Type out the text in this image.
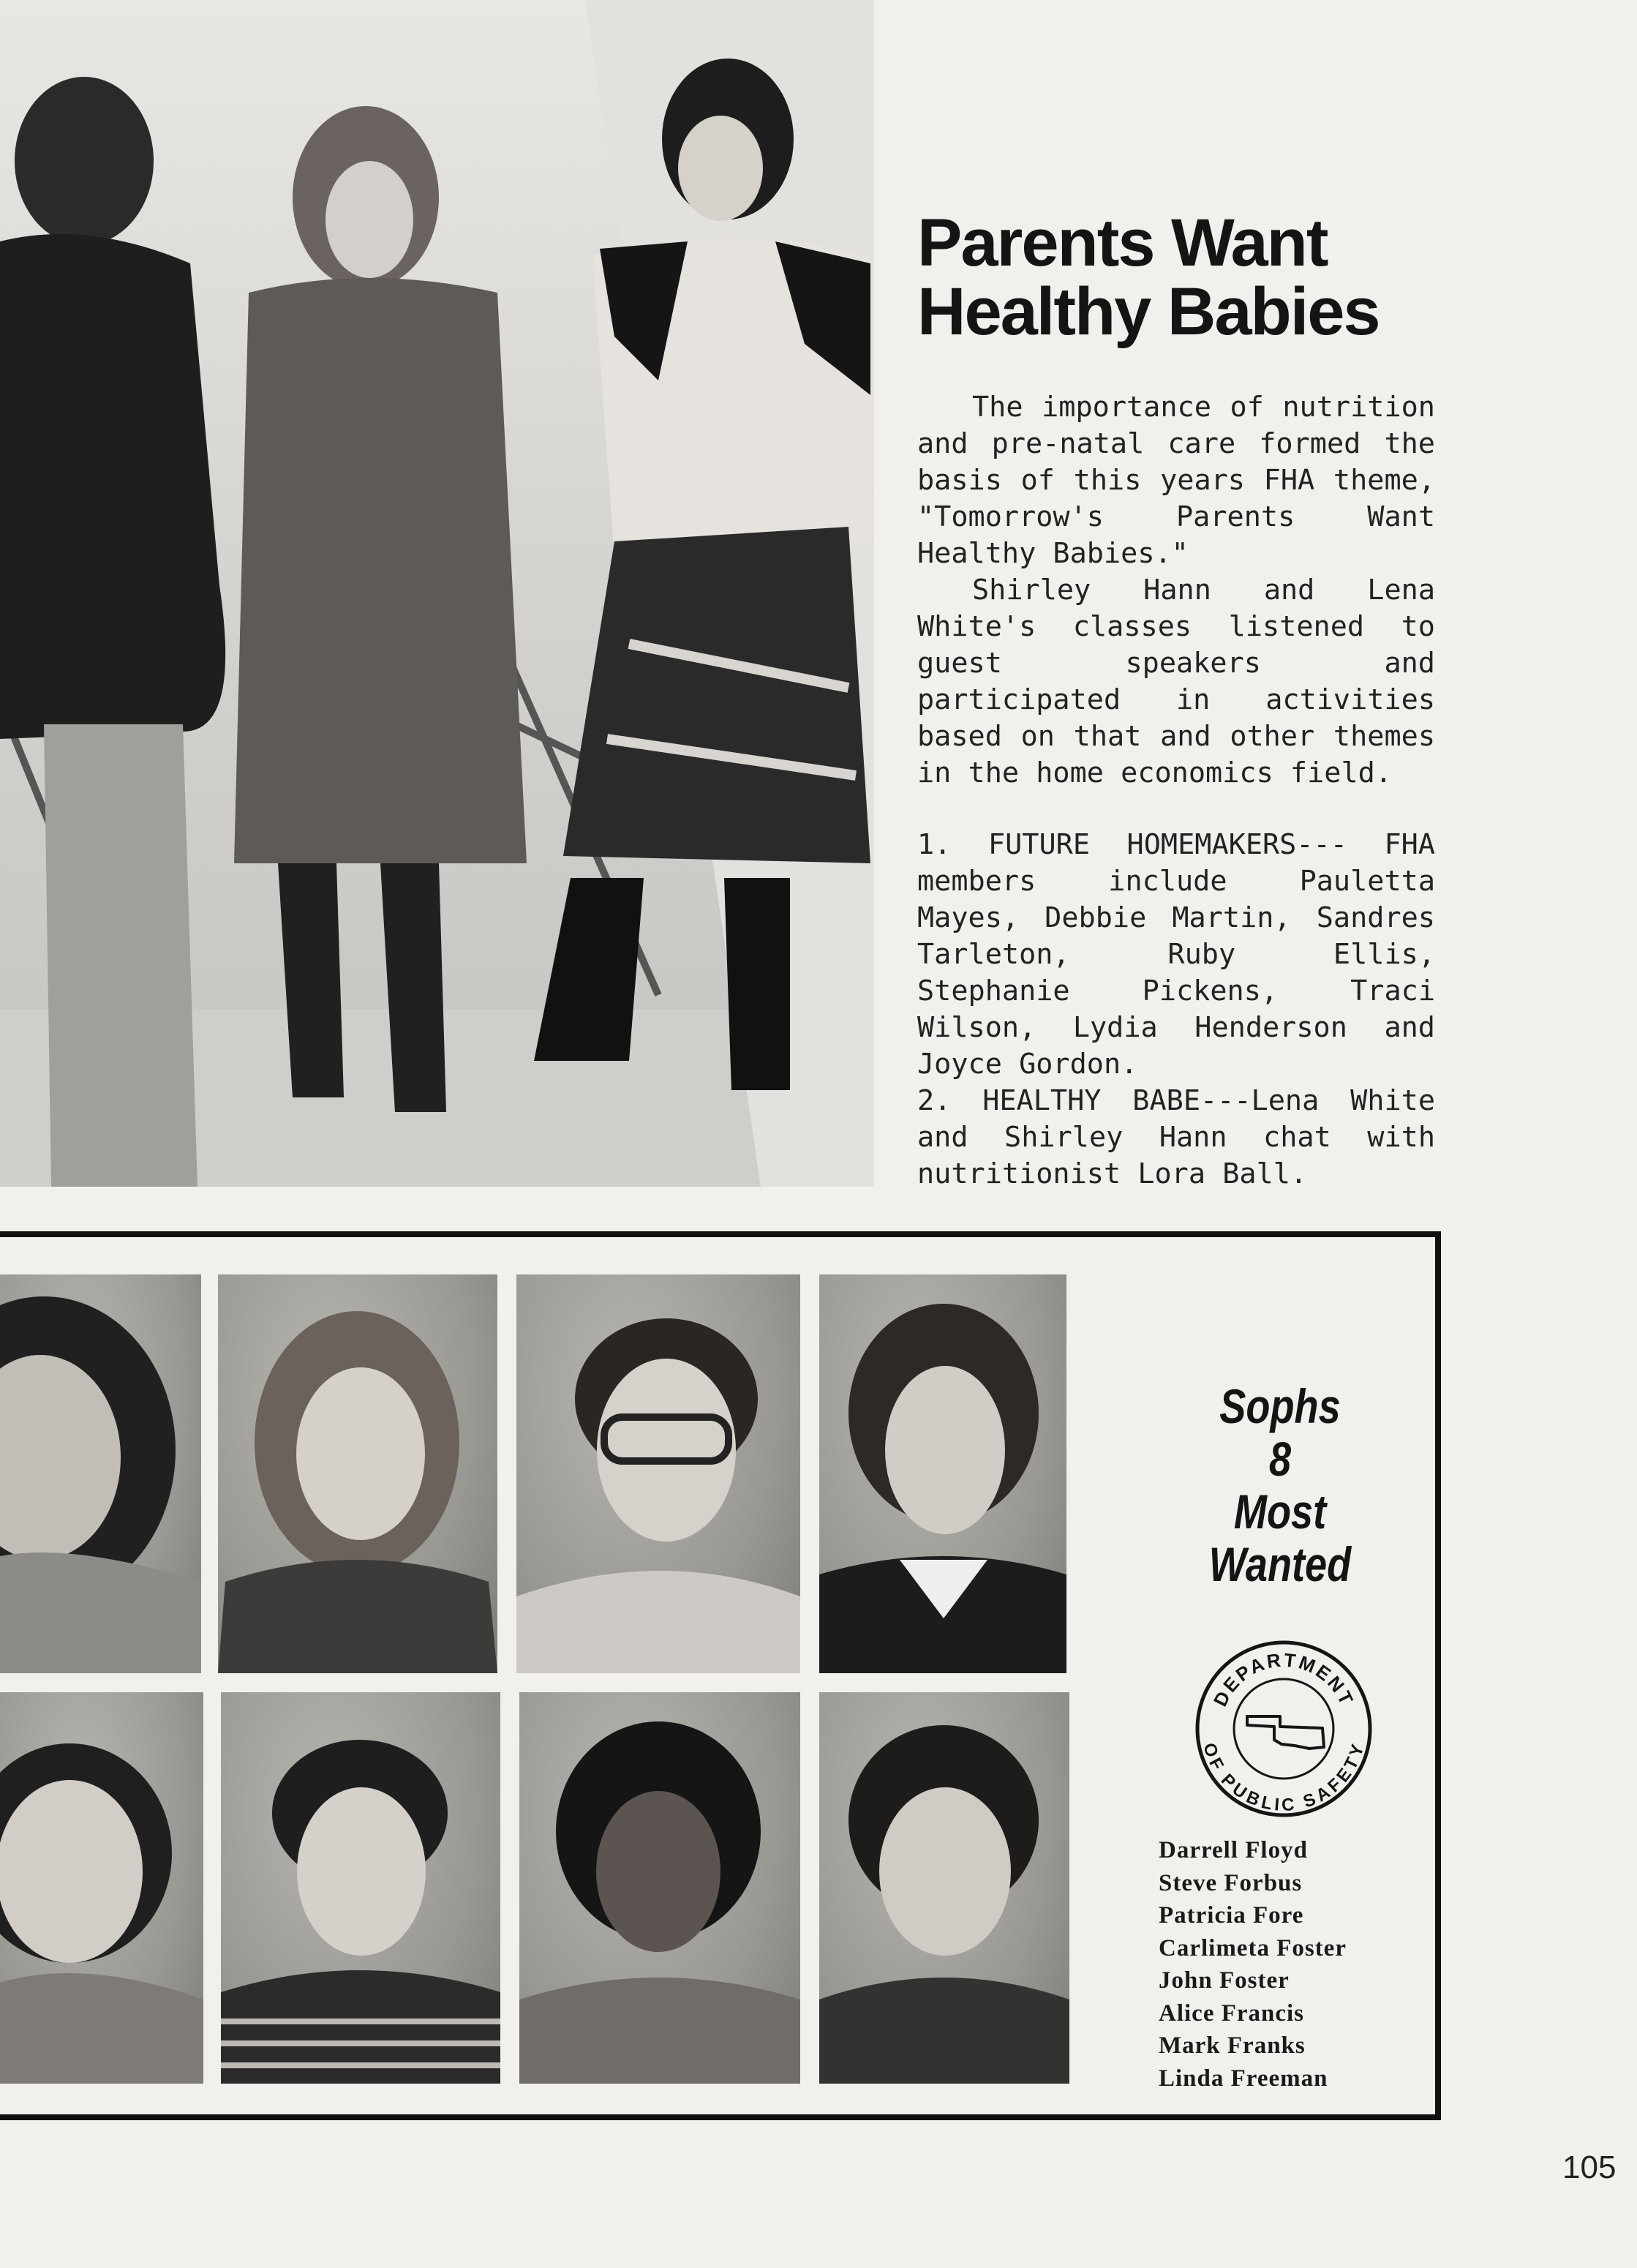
Parents Want
Healthy Babies

The importance of nutrition and pre-natal care formed the basis of this years FHA theme, "Tomorrow's Parents Want Healthy Babies."

Shirley Hann and Lena White's classes listened to guest speakers and participated in activities based on that and other themes in the home economics field.

1. FUTURE HOMEMAKERS--- FHA members include Pauletta Mayes, Debbie Martin, Sandres Tarleton, Ruby Ellis, Stephanie Pickens, Traci Wilson, Lydia Henderson and Joyce Gordon.

2. HEALTHY BABE---Lena White and Shirley Hann chat with nutritionist Lora Ball.

Sophs
8
Most
Wanted
DEPARTMENT
OF PUBLIC SAFETY
Darrell Floyd
Steve Forbus
Patricia Fore
Carlimeta Foster
John Foster
Alice Francis
Mark Franks
Linda Freeman
105
